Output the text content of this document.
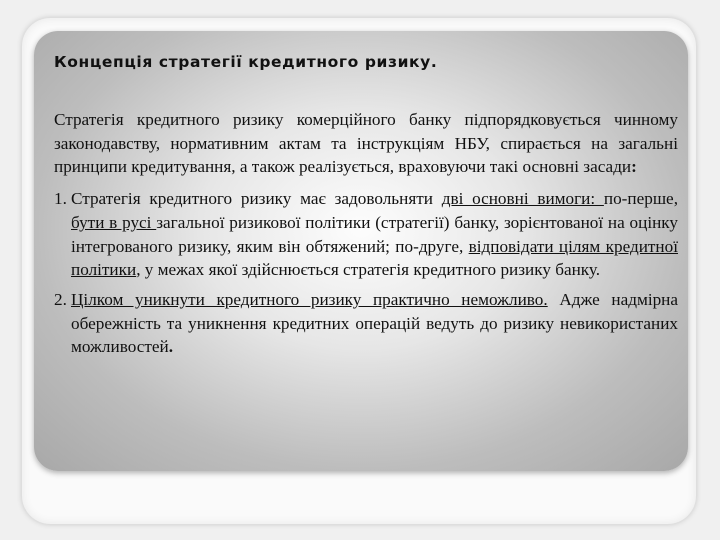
Концепція стратегії кредитного ризику.

Стратегія кредитного ризику комерційного банку підпорядковується чинному законодавству, нормативним актам та інструкціям НБУ, спирається на загальні принципи кредитування, а також реалізується, враховуючи такі основні засади:

1. Стратегія кредитного ризику має задовольняти дві основні вимоги: по-перше, бути в русі загальної ризикової політики (стратегії) банку, зорієнтованої на оцінку інтегрованого ризику, яким він обтяжений; по-друге, відповідати цілям кредитної політики, у межах якої здійснюється стратегія кредитного ризику банку.
2. Цілком уникнути кредитного ризику практично неможливо. Адже надмірна обережність та уникнення кредитних операцій ведуть до ризику невикористаних можливостей.
